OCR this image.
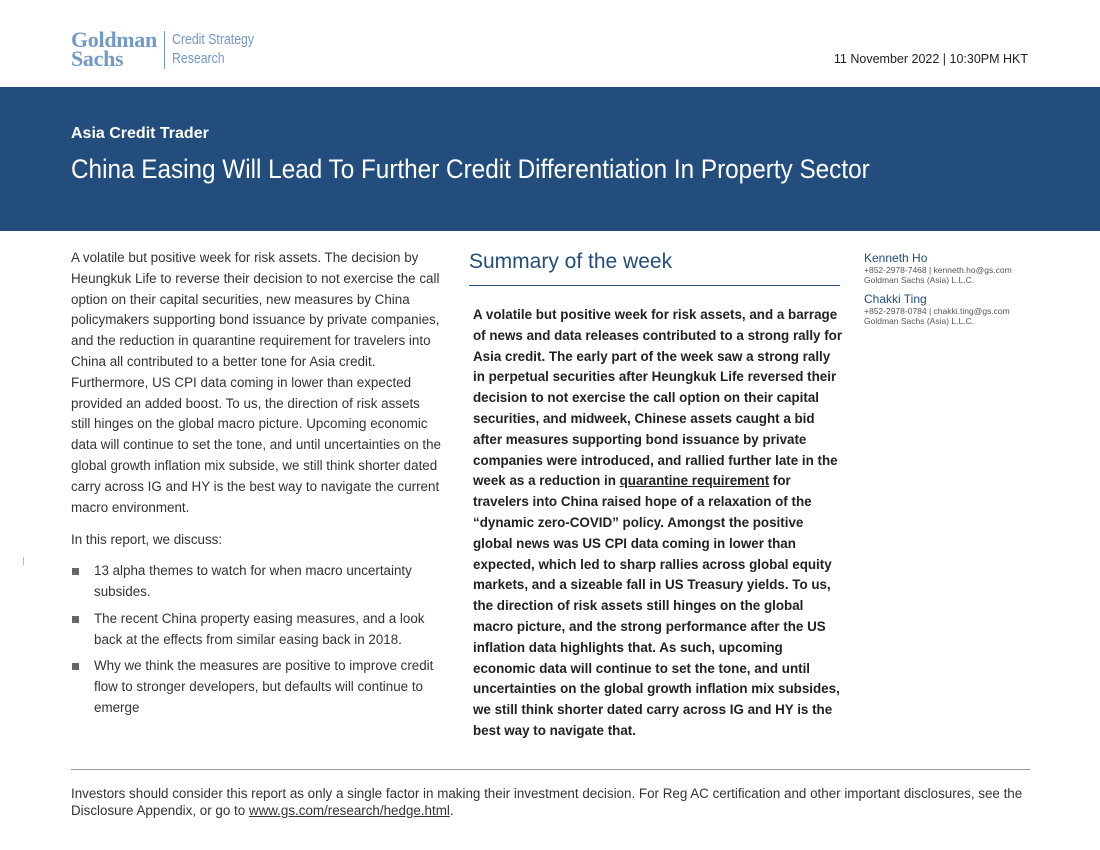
Goldman
Sachs
Credit Strategy
Research	11 November 2022 | 10:30PM HKT
Asia Credit Trader
China Easing Will Lead To Further Credit Differentiation In Property Sector

A volatile but positive week for risk assets. The decision by Heungkuk Life to reverse their decision to not exercise the call option on their capital securities, new measures by China policymakers supporting bond issuance by private companies, and the reduction in quarantine requirement for travelers into China all contributed to a better tone for Asia credit. Furthermore, US CPI data coming in lower than expected provided an added boost. To us, the direction of risk assets still hinges on the global macro picture. Upcoming economic data will continue to set the tone, and until uncertainties on the global growth inflation mix subside, we still think shorter dated carry across IG and HY is the best way to navigate the current macro environment.

In this report, we discuss:

13 alpha themes to watch for when macro uncertainty subsides.
The recent China property easing measures, and a look back at the effects from similar easing back in 2018.
Why we think the measures are positive to improve credit flow to stronger developers, but defaults will continue to emerge
Summary of the week
A volatile but positive week for risk assets, and a barrage of news and data releases contributed to a strong rally for Asia credit. The early part of the week saw a strong rally in perpetual securities after Heungkuk Life reversed their decision to not exercise the call option on their capital securities, and midweek, Chinese assets caught a bid after measures supporting bond issuance by private companies were introduced, and rallied further late in the week as a reduction in quarantine requirement for travelers into China raised hope of a relaxation of the “dynamic zero-COVID” policy. Amongst the positive global news was US CPI data coming in lower than expected, which led to sharp rallies across global equity markets, and a sizeable fall in US Treasury yields. To us, the direction of risk assets still hinges on the global macro picture, and the strong performance after the US inflation data highlights that. As such, upcoming economic data will continue to set the tone, and until uncertainties on the global growth inflation mix subsides, we still think shorter dated carry across IG and HY is the best way to navigate that.
Kenneth Ho
+852-2978-7468 | kenneth.ho@gs.com
Goldman Sachs (Asia) L.L.C.
Chakki Ting
+852-2978-0784 | chakki.ting@gs.com
Goldman Sachs (Asia) L.L.C.
Investors should consider this report as only a single factor in making their investment decision. For Reg AC certification and other important disclosures, see the Disclosure Appendix, or go to www.gs.com/research/hedge.html.
